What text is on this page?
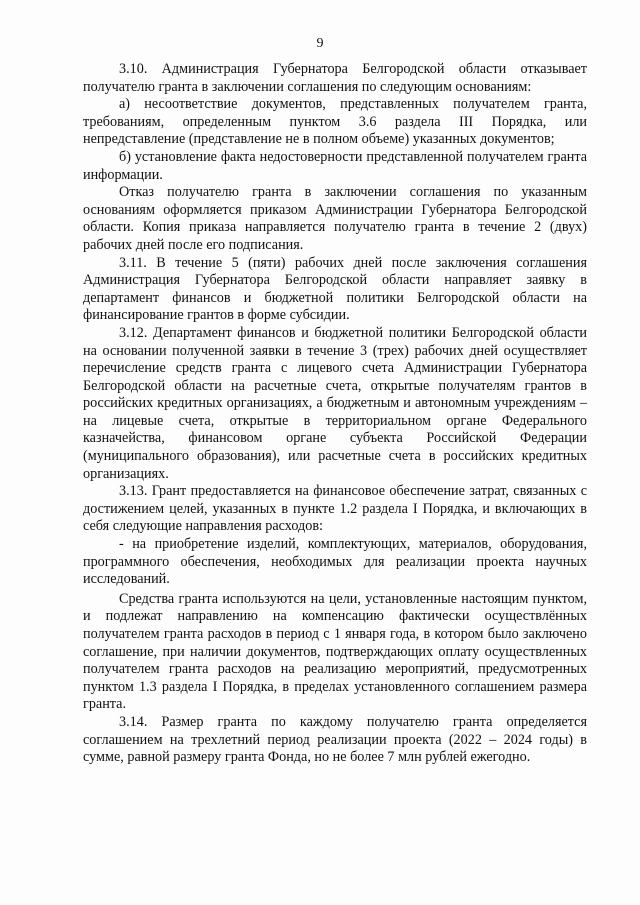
9

3.10. Администрация Губернатора Белгородской области отказывает получателю гранта в заключении соглашения по следующим основаниям:

а) несоответствие документов, представленных получателем гранта, требованиям, определенным пунктом 3.6 раздела III Порядка, или непредставление (представление не в полном объеме) указанных документов;

б) установление факта недостоверности представленной получателем гранта информации.

Отказ получателю гранта в заключении соглашения по указанным основаниям оформляется приказом Администрации Губернатора Белгородской области. Копия приказа направляется получателю гранта в течение 2 (двух) рабочих дней после его подписания.

3.11. В течение 5 (пяти) рабочих дней после заключения соглашения Администрация Губернатора Белгородской области направляет заявку в департамент финансов и бюджетной политики Белгородской области на финансирование грантов в форме субсидии.

3.12. Департамент финансов и бюджетной политики Белгородской области на основании полученной заявки в течение 3 (трех) рабочих дней осуществляет перечисление средств гранта с лицевого счета Администрации Губернатора Белгородской области на расчетные счета, открытые получателям грантов в российских кредитных организациях, а бюджетным и автономным учреждениям – на лицевые счета, открытые в территориальном органе Федерального казначейства, финансовом органе субъекта Российской Федерации (муниципального образования), или расчетные счета в российских кредитных организациях.

3.13. Грант предоставляется на финансовое обеспечение затрат, связанных с достижением целей, указанных в пункте 1.2 раздела I Порядка, и включающих в себя следующие направления расходов:

- на приобретение изделий, комплектующих, материалов, оборудования, программного обеспечения, необходимых для реализации проекта научных исследований.

Средства гранта используются на цели, установленные настоящим пунктом, и подлежат направлению на компенсацию фактически осуществлённых получателем гранта расходов в период с 1 января года, в котором было заключено соглашение, при наличии документов, подтверждающих оплату осуществленных получателем гранта расходов на реализацию мероприятий, предусмотренных пунктом 1.3 раздела I Порядка, в пределах установленного соглашением размера гранта.

3.14. Размер гранта по каждому получателю гранта определяется соглашением на трехлетний период реализации проекта (2022 – 2024 годы) в сумме, равной размеру гранта Фонда, но не более 7 млн рублей ежегодно.
